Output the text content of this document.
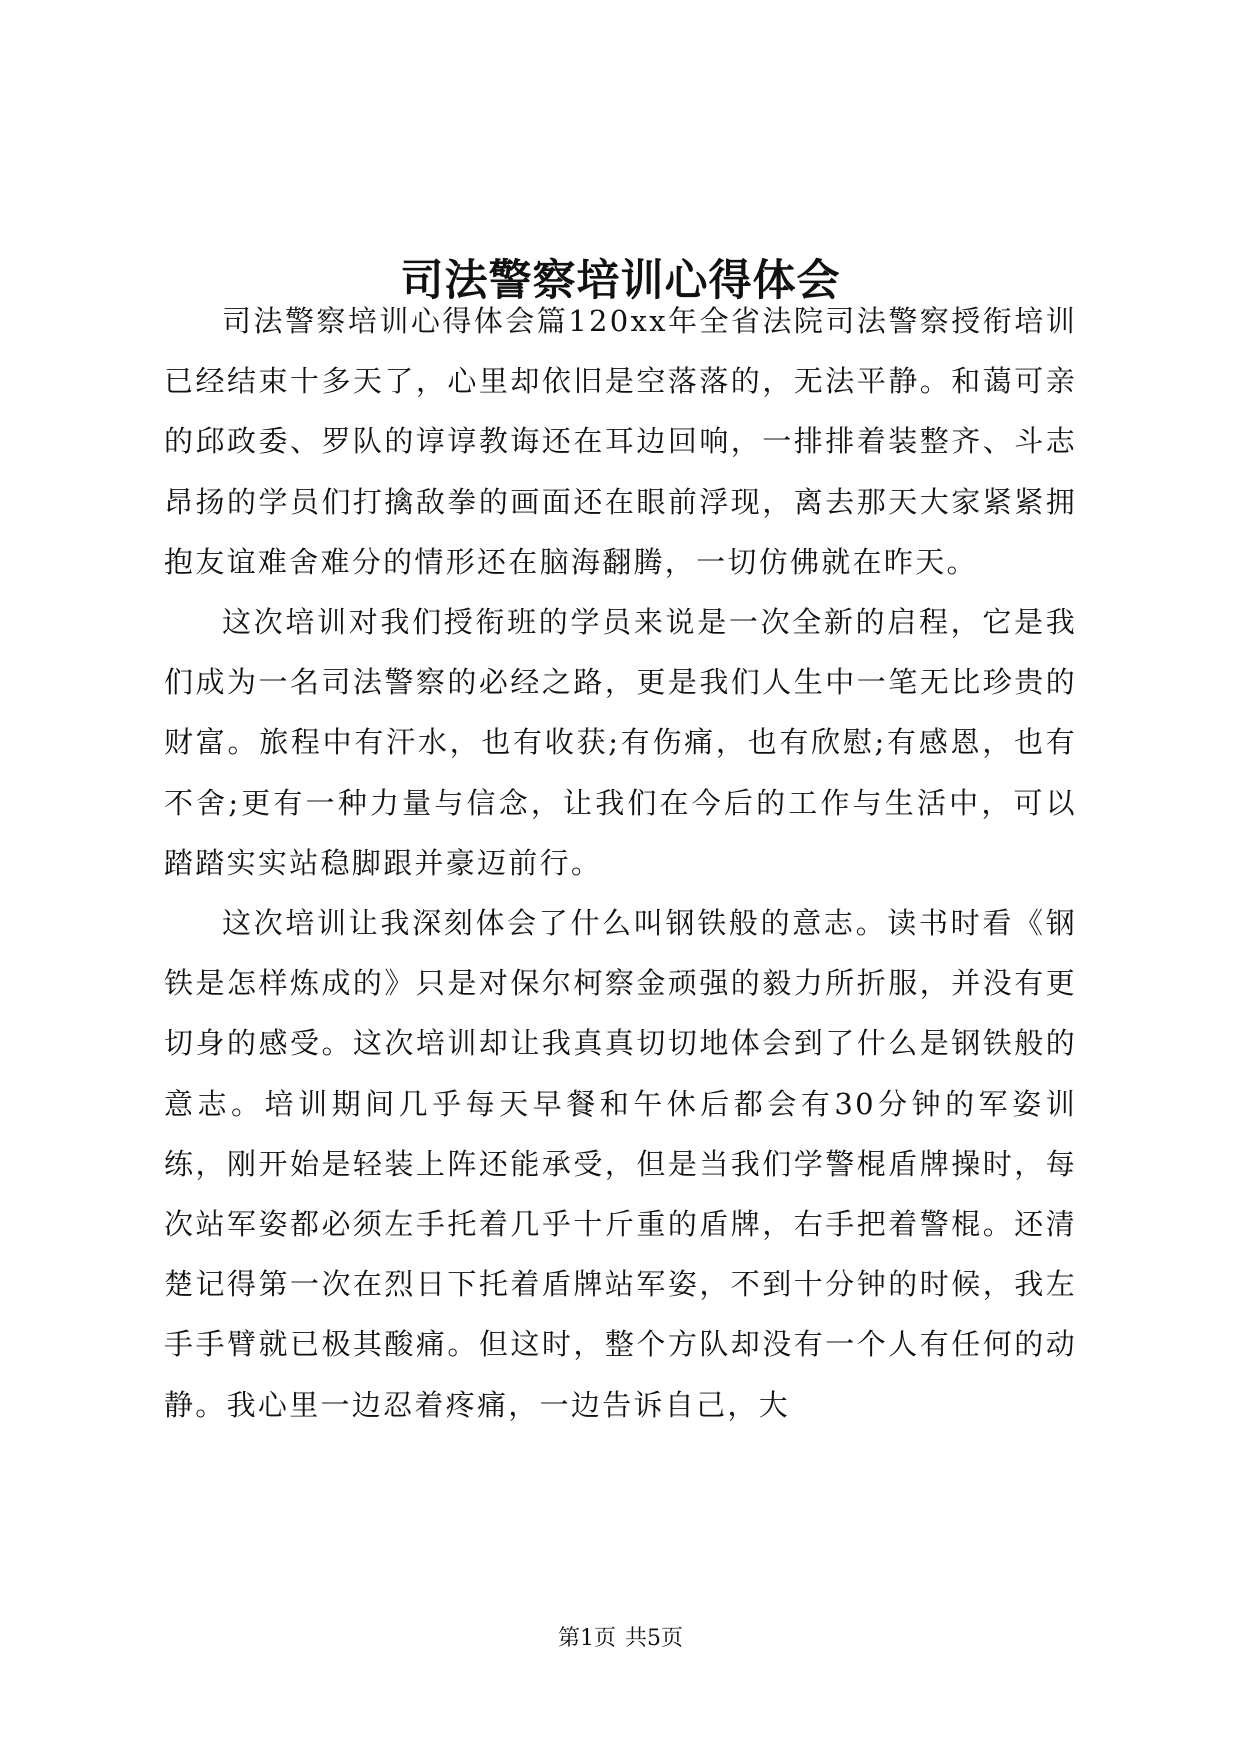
司法警察培训心得体会

司法警察培训心得体会篇120xx年全省法院司法警察授衔培训已经结束十多天了，心里却依旧是空落落的，无法平静。和蔼可亲的邱政委、罗队的谆谆教诲还在耳边回响，一排排着装整齐、斗志昂扬的学员们打擒敌拳的画面还在眼前浮现，离去那天大家紧紧拥抱友谊难舍难分的情形还在脑海翻腾，一切仿佛就在昨天。

这次培训对我们授衔班的学员来说是一次全新的启程，它是我们成为一名司法警察的必经之路，更是我们人生中一笔无比珍贵的财富。旅程中有汗水，也有收获;有伤痛，也有欣慰;有感恩，也有不舍;更有一种力量与信念，让我们在今后的工作与生活中，可以踏踏实实站稳脚跟并豪迈前行。

这次培训让我深刻体会了什么叫钢铁般的意志。读书时看《钢铁是怎样炼成的》只是对保尔柯察金顽强的毅力所折服，并没有更切身的感受。这次培训却让我真真切切地体会到了什么是钢铁般的意志。培训期间几乎每天早餐和午休后都会有30分钟的军姿训练，刚开始是轻装上阵还能承受，但是当我们学警棍盾牌操时，每次站军姿都必须左手托着几乎十斤重的盾牌，右手把着警棍。还清楚记得第一次在烈日下托着盾牌站军姿，不到十分钟的时候，我左手手臂就已极其酸痛。但这时，整个方队却没有一个人有任何的动静。我心里一边忍着疼痛，一边告诉自己，大

第1页 共5页
